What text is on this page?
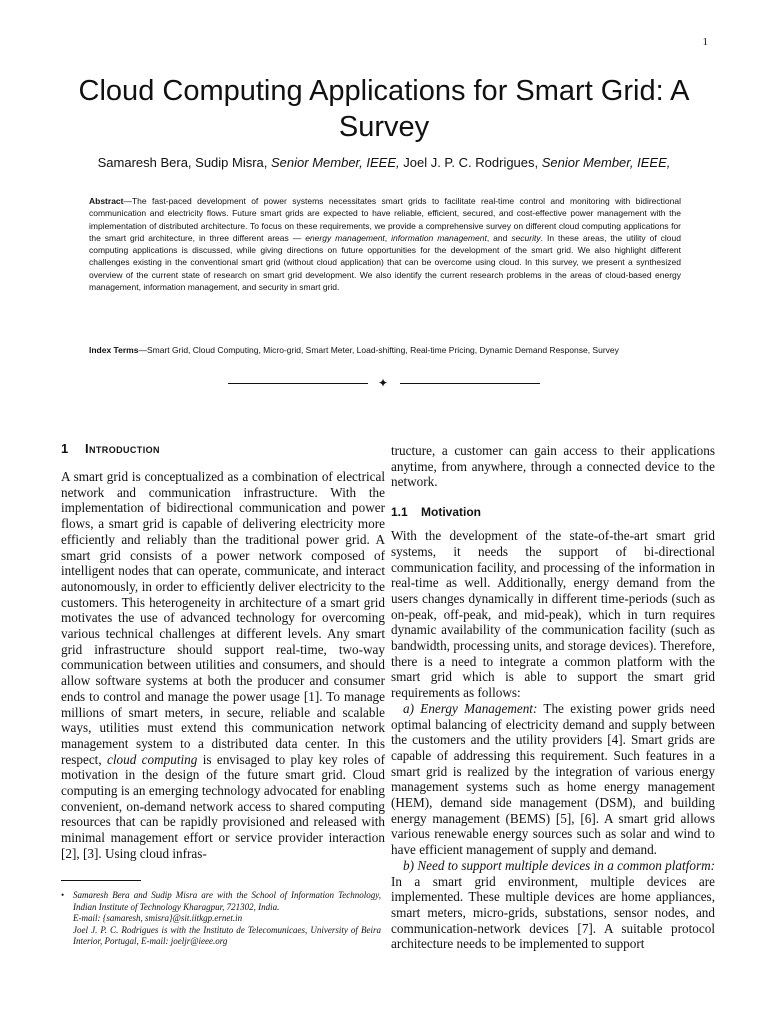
1
Cloud Computing Applications for Smart Grid: A Survey
Samaresh Bera, Sudip Misra, Senior Member, IEEE, Joel J. P. C. Rodrigues, Senior Member, IEEE,
Abstract—The fast-paced development of power systems necessitates smart grids to facilitate real-time control and monitoring with bidirectional communication and electricity flows. Future smart grids are expected to have reliable, efficient, secured, and cost-effective power management with the implementation of distributed architecture. To focus on these requirements, we provide a comprehensive survey on different cloud computing applications for the smart grid architecture, in three different areas — energy management, information management, and security. In these areas, the utility of cloud computing applications is discussed, while giving directions on future opportunities for the development of the smart grid. We also highlight different challenges existing in the conventional smart grid (without cloud application) that can be overcome using cloud. In this survey, we present a synthesized overview of the current state of research on smart grid development. We also identify the current research problems in the areas of cloud-based energy management, information management, and security in smart grid.
Index Terms—Smart Grid, Cloud Computing, Micro-grid, Smart Meter, Load-shifting, Real-time Pricing, Dynamic Demand Response, Survey
✦
1 Introduction

A smart grid is conceptualized as a combination of electrical network and communication infrastructure. With the implementation of bidirectional communication and power flows, a smart grid is capable of delivering electricity more efficiently and reliably than the traditional power grid. A smart grid consists of a power network composed of intelligent nodes that can operate, communicate, and interact autonomously, in order to efficiently deliver electricity to the customers. This heterogeneity in architecture of a smart grid motivates the use of advanced technology for overcoming various technical challenges at different levels. Any smart grid infrastructure should support real-time, two-way communication between utilities and consumers, and should allow software systems at both the producer and consumer ends to control and manage the power usage [1]. To manage millions of smart meters, in secure, reliable and scalable ways, utilities must extend this communication network management system to a distributed data center. In this respect, cloud computing is envisaged to play key roles of motivation in the design of the future smart grid. Cloud computing is an emerging technology advocated for enabling convenient, on-demand network access to shared computing resources that can be rapidly provisioned and released with minimal management effort or service provider interaction [2], [3]. Using cloud infras-

tructure, a customer can gain access to their applications anytime, from anywhere, through a connected device to the network.

1.1 Motivation

With the development of the state-of-the-art smart grid systems, it needs the support of bi-directional communication facility, and processing of the information in real-time as well. Additionally, energy demand from the users changes dynamically in different time-periods (such as on-peak, off-peak, and mid-peak), which in turn requires dynamic availability of the communication facility (such as bandwidth, processing units, and storage devices). Therefore, there is a need to integrate a common platform with the smart grid which is able to support the smart grid requirements as follows:

a) Energy Management: The existing power grids need optimal balancing of electricity demand and supply between the customers and the utility providers [4]. Smart grids are capable of addressing this requirement. Such features in a smart grid is realized by the integration of various energy management systems such as home energy management (HEM), demand side management (DSM), and building energy management (BEMS) [5], [6]. A smart grid allows various renewable energy sources such as solar and wind to have efficient management of supply and demand.

b) Need to support multiple devices in a common platform: In a smart grid environment, multiple devices are implemented. These multiple devices are home appliances, smart meters, micro-grids, substations, sensor nodes, and communication-network devices [7]. A suitable protocol architecture needs to be implemented to support

• Samaresh Bera and Sudip Misra are with the School of Information Technology, Indian Institute of Technology Kharagpur, 721302, India.

E-mail: {samaresh, smisra}@sit.iitkgp.ernet.in

Joel J. P. C. Rodrigues is with the Instituto de Telecomunicaes, University of Beira Interior, Portugal, E-mail: joeljr@ieee.org
